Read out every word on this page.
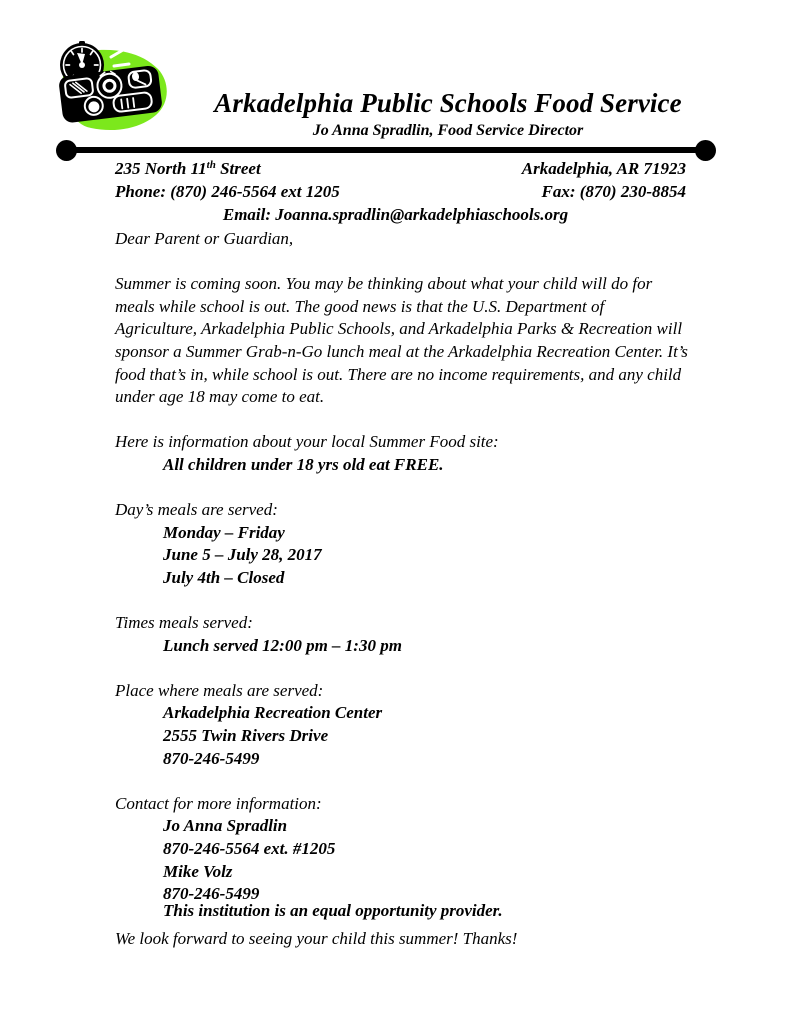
Arkadelphia Public Schools Food Service
Jo Anna Spradlin, Food Service Director
235 North 11th Street	Arkadelphia, AR 71923
Phone: (870) 246-5564 ext 1205	Fax: (870) 230-8854
Email: Joanna.spradlin@arkadelphiaschools.org

Dear Parent or Guardian,

Summer is coming soon. You may be thinking about what your child will do for meals while school is out. The good news is that the U.S. Department of Agriculture, Arkadelphia Public Schools, and Arkadelphia Parks & Recreation will sponsor a Summer Grab-n-Go lunch meal at the Arkadelphia Recreation Center. It’s food that’s in, while school is out. There are no income requirements, and any child under age 18 may come to eat.

Here is information about your local Summer Food site:

All children under 18 yrs old eat FREE.

Day’s meals are served:

Monday – Friday

June 5 – July 28, 2017

July 4th – Closed

Times meals served:

Lunch served 12:00 pm – 1:30 pm

Place where meals are served:

Arkadelphia Recreation Center

2555 Twin Rivers Drive

870-246-5499

Contact for more information:

Jo Anna Spradlin

870-246-5564 ext. #1205

Mike Volz

870-246-5499

We look forward to seeing your child this summer! Thanks!

This institution is an equal opportunity provider.
